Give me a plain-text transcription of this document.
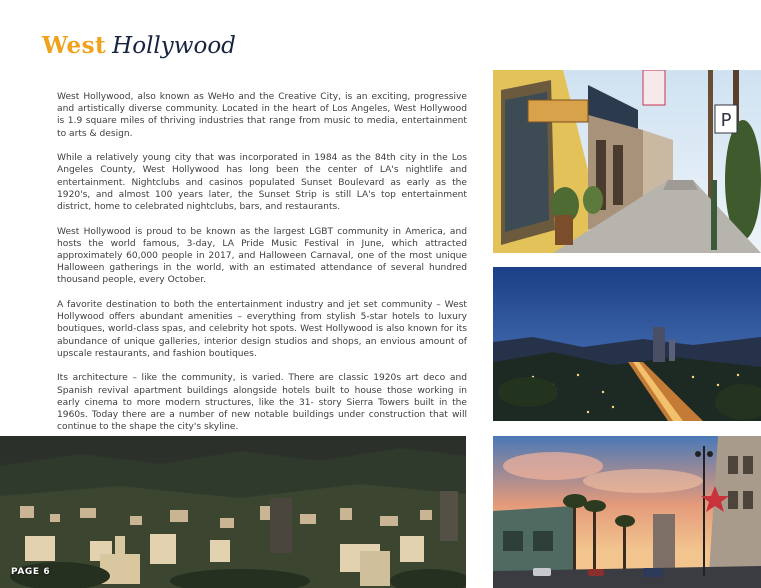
West Hollywood

West Hollywood, also known as WeHo and the Creative City, is an exciting, progressive and artistically diverse community. Located in the heart of Los Angeles, West Hollywood is 1.9 square miles of thriving industries that range from music to media, entertainment to arts & design.

While a relatively young city that was incorporated in 1984 as the 84th city in the Los Angeles County, West Hollywood has long been the center of LA's nightlife and entertainment. Nightclubs and casinos populated Sunset Boulevard as early as the 1920's, and almost 100 years later, the Sunset Strip is still LA's top entertainment district, home to celebrated nightclubs, bars, and restaurants.

West Hollywood is proud to be known as the largest LGBT community in America, and hosts the world famous, 3-day, LA Pride Music Festival in June, which attracted approximately 60,000 people in 2017, and Halloween Carnaval, one of the most unique Halloween gatherings in the world, with an estimated attendance of several hundred thousand people, every October.

A favorite destination to both the entertainment industry and jet set community – West Hollywood offers abundant amenities – everything from stylish 5-star hotels to luxury boutiques, world-class spas, and celebrity hot spots. West Hollywood is also known for its abundance of unique galleries, interior design studios and shops, an envious amount of upscale restaurants, and fashion boutiques.

Its architecture – like the community, is varied. There are classic 1920s art deco and Spanish revival apartment buildings alongside hotels built to house those working in early cinema to more modern structures, like the 31- story Sierra Towers built in the 1960s. Today there are a number of new notable buildings under construction that will continue to the shape the city's skyline.

P
PAGE 6
